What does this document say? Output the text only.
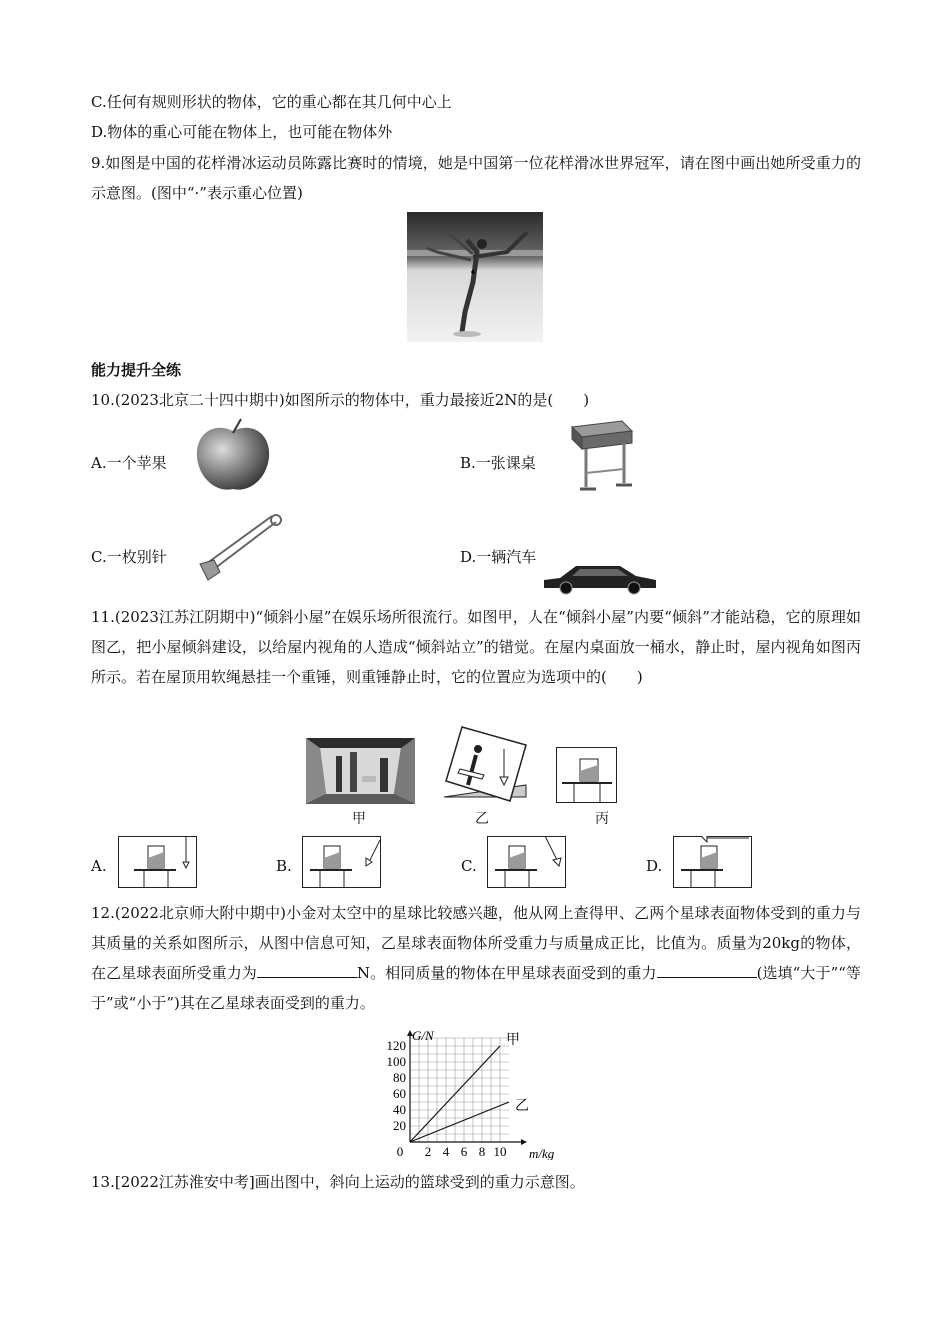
C.任何有规则形状的物体，它的重心都在其几何中心上
D.物体的重心可能在物体上，也可能在物体外
9.如图是中国的花样滑冰运动员陈露比赛时的情境，她是中国第一位花样滑冰世界冠军，请在图中画出她所受重力的示意图。(图中“·”表示重心位置)
能力提升全练
10.(2023北京二十四中期中)如图所示的物体中，重力最接近2N的是(　　)
A.一个苹果	B.一张课桌
C.一枚别针	D.一辆汽车
11.(2023江苏江阴期中)“倾斜小屋”在娱乐场所很流行。如图甲，人在“倾斜小屋”内要“倾斜”才能站稳，它的原理如图乙，把小屋倾斜建设，以给屋内视角的人造成“倾斜站立”的错觉。在屋内桌面放一桶水，静止时，屋内视角如图丙所示。若在屋顶用软绳悬挂一个重锤，则重锤静止时，它的位置应为选项中的(　　)
甲	乙	丙
A.	B.	C.	D.
12.(2022北京师大附中期中)小金对太空中的星球比较感兴趣，他从网上查得甲、乙两个星球表面物体受到的重力与其质量的关系如图所示，从图中信息可知，乙星球表面物体所受重力与质量成正比，比值为。质量为20kg的物体，在乙星球表面所受重力为	N。相同质量的物体在甲星球表面受到的重力	(选填“大于”“等于”或“小于”)其在乙星球表面受到的重力。
2 4 6 8 10
20
40
60
80
100
120
0
G/N
m/kg
甲
乙
13.[2022江苏淮安中考]画出图中，斜向上运动的篮球受到的重力示意图。
